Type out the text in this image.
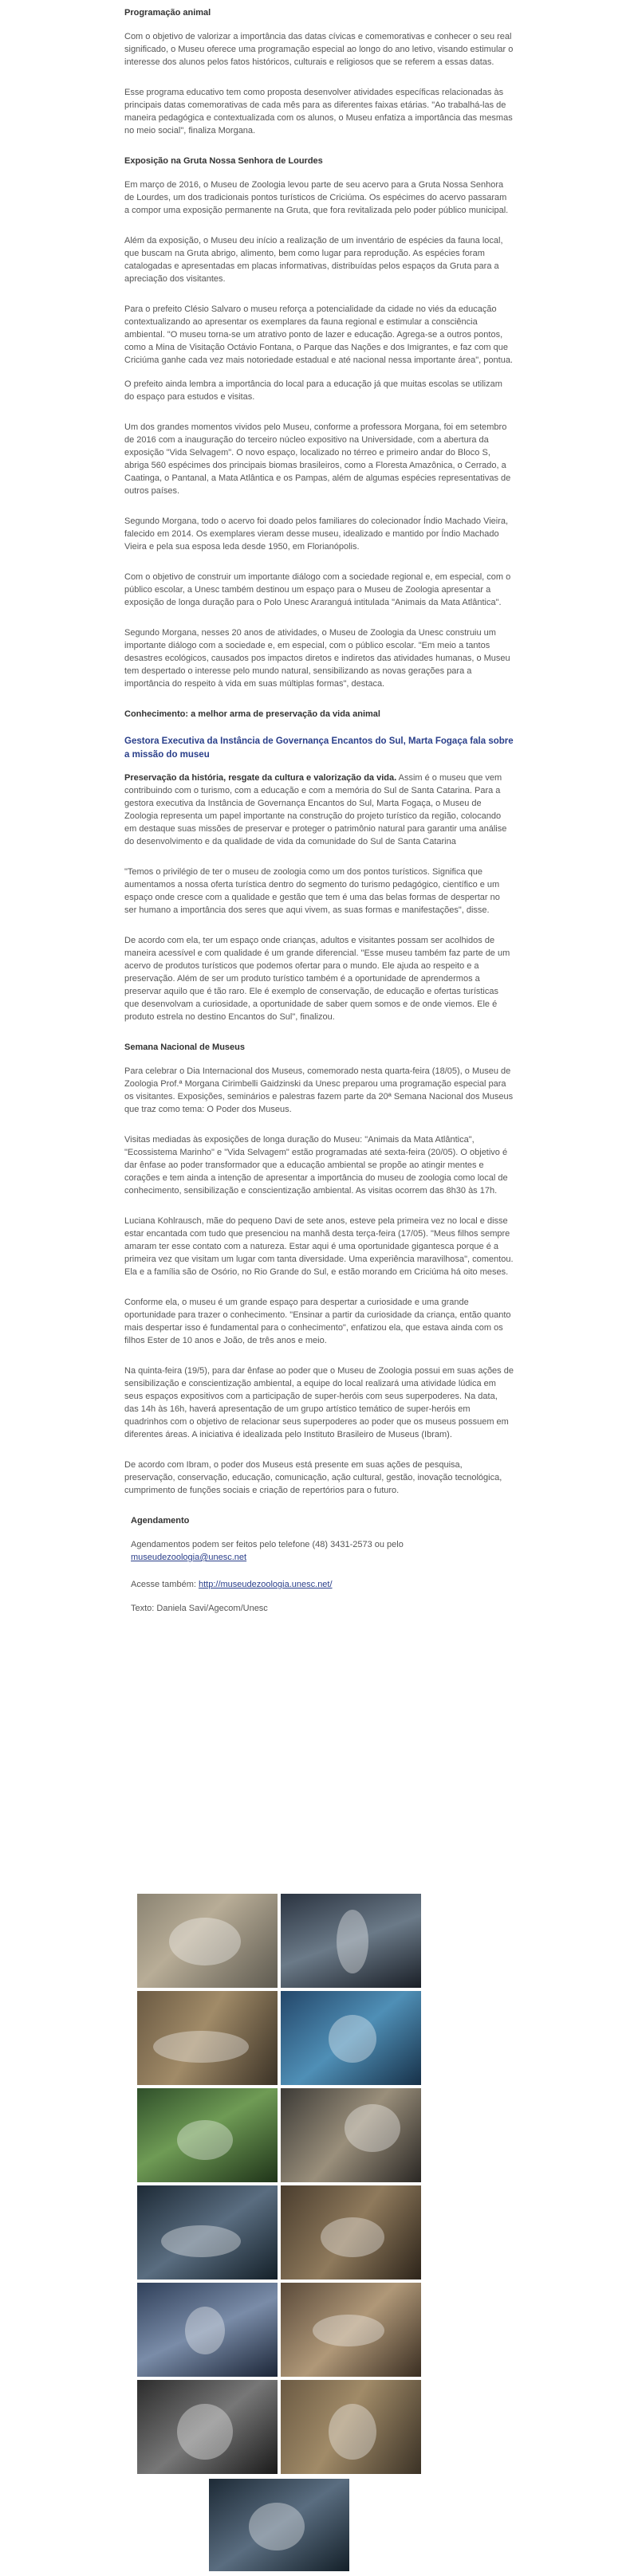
Programação animal

Com o objetivo de valorizar a importância das datas cívicas e comemorativas e conhecer o seu real significado, o Museu oferece uma programação especial ao longo do ano letivo, visando estimular o interesse dos alunos pelos fatos históricos, culturais e religiosos que se referem a essas datas.

Esse programa educativo tem como proposta desenvolver atividades específicas relacionadas às principais datas comemorativas de cada mês para as diferentes faixas etárias. "Ao trabalhá-las de maneira pedagógica e contextualizada com os alunos, o Museu enfatiza a importância das mesmas no meio social", finaliza Morgana.

Exposição na Gruta Nossa Senhora de Lourdes

Em março de 2016, o Museu de Zoologia levou parte de seu acervo para a Gruta Nossa Senhora de Lourdes, um dos tradicionais pontos turísticos de Criciúma. Os espécimes do acervo passaram a compor uma exposição permanente na Gruta, que fora revitalizada pelo poder público municipal.

Além da exposição, o Museu deu início a realização de um inventário de espécies da fauna local, que buscam na Gruta abrigo, alimento, bem como lugar para reprodução. As espécies foram catalogadas e apresentadas em placas informativas, distribuídas pelos espaços da Gruta para a apreciação dos visitantes.

Para o prefeito Clésio Salvaro o museu reforça a potencialidade da cidade no viés da educação contextualizando ao apresentar os exemplares da fauna regional e estimular a consciência ambiental. "O museu torna-se um atrativo ponto de lazer e educação. Agrega-se a outros pontos, como a Mina de Visitação Octávio Fontana, o Parque das Nações e dos Imigrantes, e faz com que Criciúma ganhe cada vez mais notoriedade estadual e até nacional nessa importante área", pontua.

O prefeito ainda lembra a importância do local para a educação já que muitas escolas se utilizam do espaço para estudos e visitas.

Um dos grandes momentos vividos pelo Museu, conforme a professora Morgana, foi em setembro de 2016 com a inauguração do terceiro núcleo expositivo na Universidade, com a abertura da exposição "Vida Selvagem". O novo espaço, localizado no térreo e primeiro andar do Bloco S, abriga 560 espécimes dos principais biomas brasileiros, como a Floresta Amazônica, o Cerrado, a Caatinga, o Pantanal, a Mata Atlântica e os Pampas, além de algumas espécies representativas de outros países.

Segundo Morgana, todo o acervo foi doado pelos familiares do colecionador Índio Machado Vieira, falecido em 2014. Os exemplares vieram desse museu, idealizado e mantido por Índio Machado Vieira e pela sua esposa leda desde 1950, em Florianópolis.

Com o objetivo de construir um importante diálogo com a sociedade regional e, em especial, com o público escolar, a Unesc também destinou um espaço para o Museu de Zoologia apresentar a exposição de longa duração para o Polo Unesc Araranguá intitulada "Animais da Mata Atlântica".

Segundo Morgana, nesses 20 anos de atividades, o Museu de Zoologia da Unesc construiu um importante diálogo com a sociedade e, em especial, com o público escolar. "Em meio a tantos desastres ecológicos, causados pos impactos diretos e indiretos das atividades humanas, o Museu tem despertado o interesse pelo mundo natural, sensibilizando as novas gerações para a importância do respeito à vida em suas múltiplas formas", destaca.

Conhecimento: a melhor arma de preservação da vida animal
Gestora Executiva da Instância de Governança Encantos do Sul, Marta Fogaça fala sobre a missão do museu

Preservação da história, resgate da cultura e valorização da vida. Assim é o museu que vem contribuindo com o turismo, com a educação e com a memória do Sul de Santa Catarina. Para a gestora executiva da Instância de Governança Encantos do Sul, Marta Fogaça, o Museu de Zoologia representa um papel importante na construção do projeto turístico da região, colocando em destaque suas missões de preservar e proteger o patrimônio natural para garantir uma análise do desenvolvimento e da qualidade de vida da comunidade do Sul de Santa Catarina

"Temos o privilégio de ter o museu de zoologia como um dos pontos turísticos. Significa que aumentamos a nossa oferta turística dentro do segmento do turismo pedagógico, científico e um espaço onde cresce com a qualidade e gestão que tem é uma das belas formas de despertar no ser humano a importância dos seres que aqui vivem, as suas formas e manifestações", disse.

De acordo com ela, ter um espaço onde crianças, adultos e visitantes possam ser acolhidos de maneira acessível e com qualidade é um grande diferencial. "Esse museu também faz parte de um acervo de produtos turísticos que podemos ofertar para o mundo. Ele ajuda ao respeito e a preservação. Além de ser um produto turístico também é a oportunidade de aprendermos a preservar aquilo que é tão raro. Ele é exemplo de conservação, de educação e ofertas turísticas que desenvolvam a curiosidade, a oportunidade de saber quem somos e de onde viemos. Ele é produto estrela no destino Encantos do Sul", finalizou.

Semana Nacional de Museus

Para celebrar o Dia Internacional dos Museus, comemorado nesta quarta-feira (18/05), o Museu de Zoologia Prof.ª Morgana Cirimbelli Gaidzinski da Unesc preparou uma programação especial para os visitantes. Exposições, seminários e palestras fazem parte da 20ª Semana Nacional dos Museus que traz como tema: O Poder dos Museus.

Visitas mediadas às exposições de longa duração do Museu: "Animais da Mata Atlântica", "Ecossistema Marinho" e "Vida Selvagem" estão programadas até sexta-feira (20/05). O objetivo é dar ênfase ao poder transformador que a educação ambiental se propõe ao atingir mentes e corações e tem ainda a intenção de apresentar a importância do museu de zoologia como local de conhecimento, sensibilização e conscientização ambiental. As visitas ocorrem das 8h30 às 17h.

Luciana Kohlrausch, mãe do pequeno Davi de sete anos, esteve pela primeira vez no local e disse estar encantada com tudo que presenciou na manhã desta terça-feira (17/05). "Meus filhos sempre amaram ter esse contato com a natureza. Estar aqui é uma oportunidade gigantesca porque é a primeira vez que visitam um lugar com tanta diversidade. Uma experiência maravilhosa", comentou. Ela e a família são de Osório, no Rio Grande do Sul, e estão morando em Criciúma há oito meses.

Conforme ela, o museu é um grande espaço para despertar a curiosidade e uma grande oportunidade para trazer o conhecimento. "Ensinar a partir da curiosidade da criança, então quanto mais despertar isso é fundamental para o conhecimento", enfatizou ela, que estava ainda com os filhos Ester de 10 anos e João, de três anos e meio.

Na quinta-feira (19/5), para dar ênfase ao poder que o Museu de Zoologia possui em suas ações de sensibilização e conscientização ambiental, a equipe do local realizará uma atividade lúdica em seus espaços expositivos com a participação de super-heróis com seus superpoderes. Na data, das 14h às 16h, haverá apresentação de um grupo artístico temático de super-heróis em quadrinhos com o objetivo de relacionar seus superpoderes ao poder que os museus possuem em diferentes áreas. A iniciativa é idealizada pelo Instituto Brasileiro de Museus (Ibram).

De acordo com Ibram, o poder dos Museus está presente em suas ações de pesquisa, preservação, conservação, educação, comunicação, ação cultural, gestão, inovação tecnológica, cumprimento de funções sociais e criação de repertórios para o futuro.

Agendamento

Agendamentos podem ser feitos pelo telefone (48) 3431-2573 ou pelo museudezoologia@unesc.net

Acesse também: http://museudezoologia.unesc.net/

Texto: Daniela Savi/Agecom/Unesc
